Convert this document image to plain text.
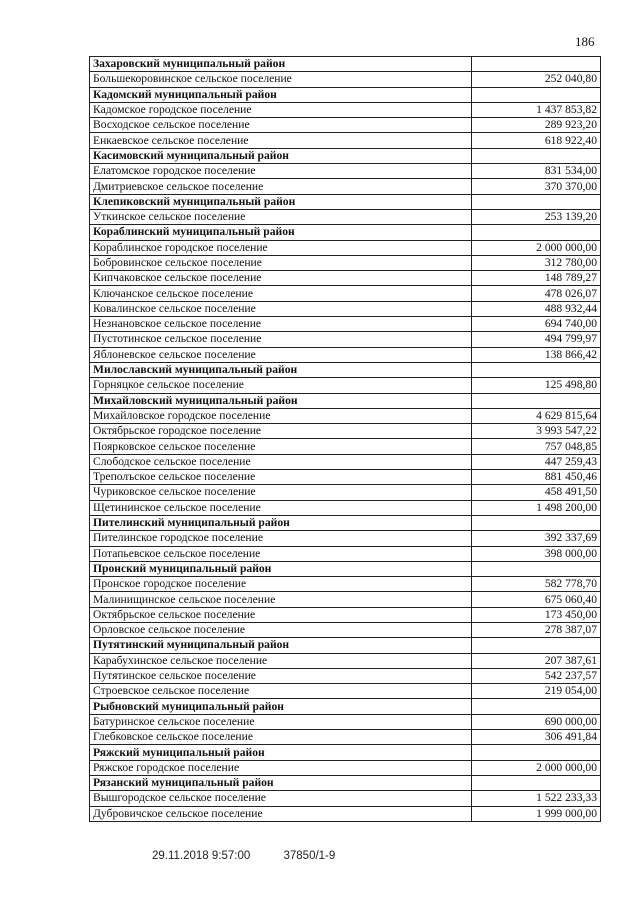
186
Захаровский муниципальный район	
Большекоровинское сельское поселение	252 040,80
Кадомский муниципальный район	
Кадомское городское поселение	1 437 853,82
Восходское сельское поселение	289 923,20
Енкаевское сельское поселение	618 922,40
Касимовский муниципальный район	
Елатомское городское поселение	831 534,00
Дмитриевское сельское поселение	370 370,00
Клепиковский муниципальный район	
Уткинское сельское поселение	253 139,20
Кораблинский муниципальный район	
Кораблинское городское поселение	2 000 000,00
Бобровинское сельское поселение	312 780,00
Кипчаковское сельское поселение	148 789,27
Ключанское сельское поселение	478 026,07
Ковалинское сельское поселение	488 932,44
Незнановское сельское поселение	694 740,00
Пустотинское сельское поселение	494 799,97
Яблоневское сельское поселение	138 866,42
Милославский муниципальный район	
Горняцкое сельское поселение	125 498,80
Михайловский муниципальный район	
Михайловское городское поселение	4 629 815,64
Октябрьское городское поселение	3 993 547,22
Поярковское сельское поселение	757 048,85
Слободское сельское поселение	447 259,43
Треполъское сельское поселение	881 450,46
Чуриковское сельское поселение	458 491,50
Щетининское сельское поселение	1 498 200,00
Пителинский муниципальный район	
Пителинское городское поселение	392 337,69
Потапьевское сельское поселение	398 000,00
Пронский муниципальный район	
Пронское городское поселение	582 778,70
Малинищинское сельское поселение	675 060,40
Октябрьское сельское поселение	173 450,00
Орловское сельское поселение	278 387,07
Путятинский муниципальный район	
Карабухинское сельское поселение	207 387,61
Путятинское сельское поселение	542 237,57
Строевское сельское поселение	219 054,00
Рыбновский муниципальный район	
Батуринское сельское поселение	690 000,00
Глебковское сельское поселение	306 491,84
Ряжский муниципальный район	
Ряжское городское поселение	2 000 000,00
Рязанский муниципальный район	
Вышгородское сельское поселение	1 522 233,33
Дубровичское сельское поселение	1 999 000,00
29.11.2018 9:57:00	37850/1-9
